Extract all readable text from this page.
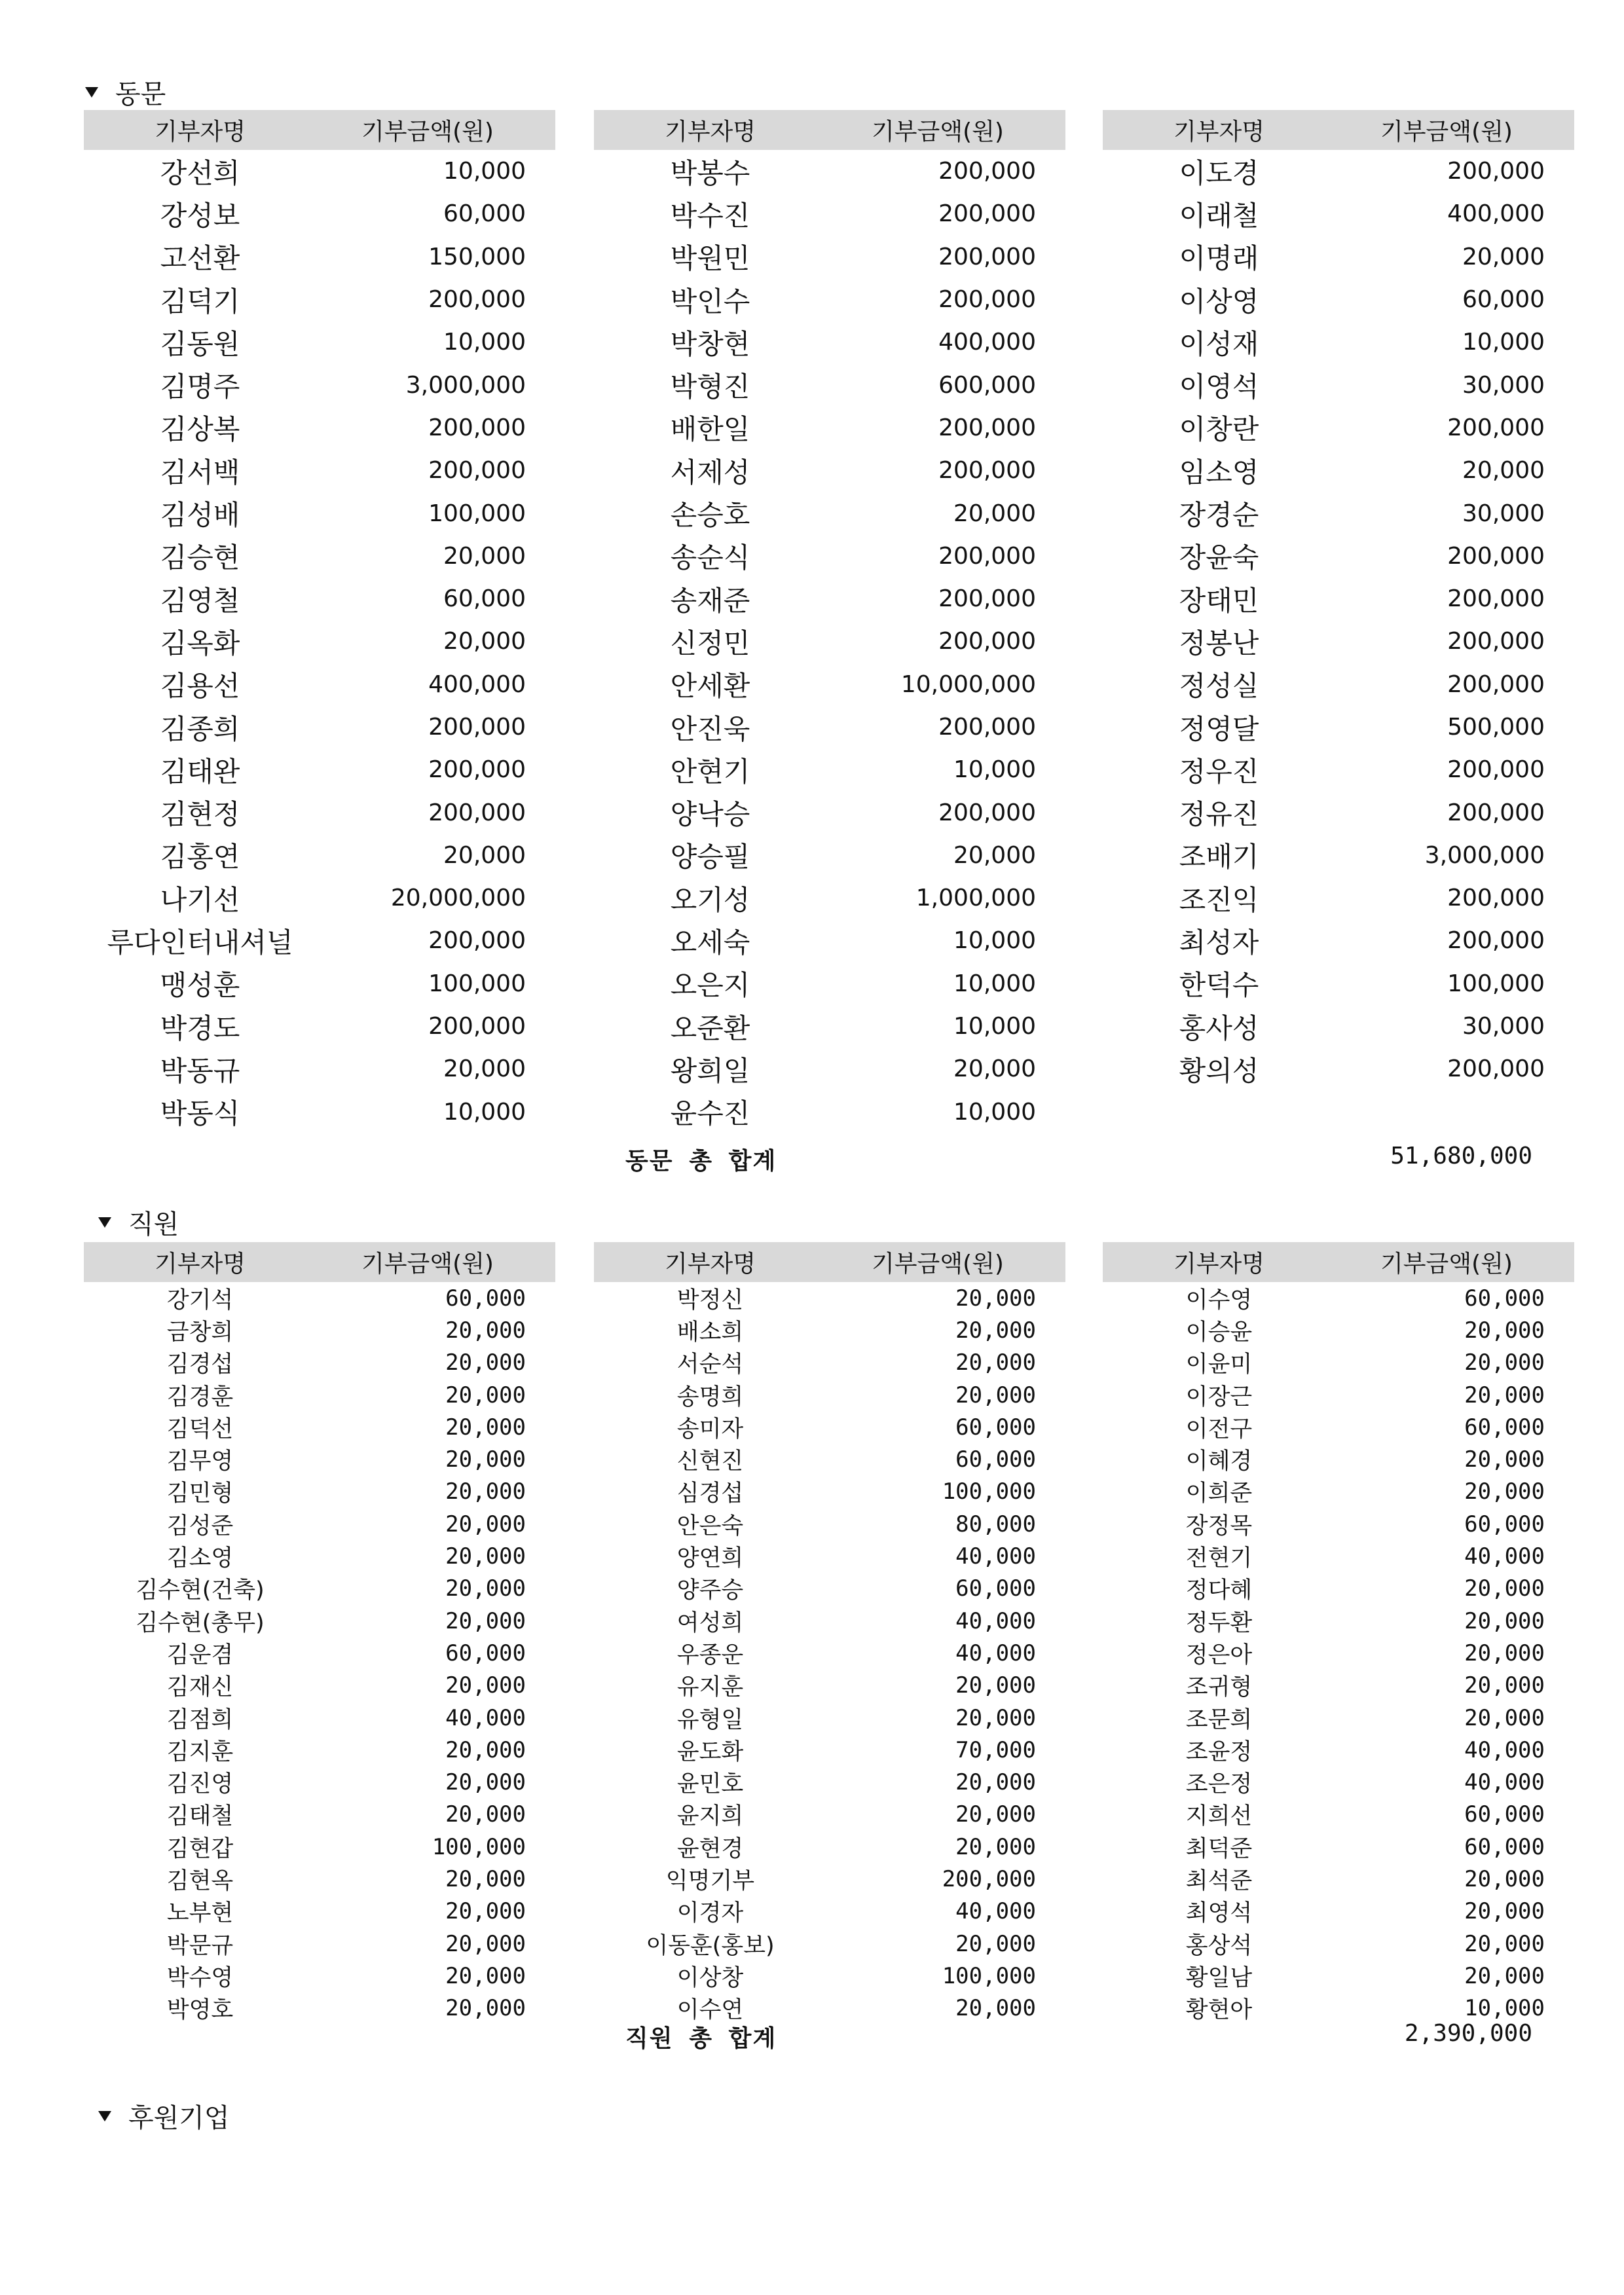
동문
기부자명	기부금액(원)
강선희	10,000
강성보	60,000
고선환	150,000
김덕기	200,000
김동원	10,000
김명주	3,000,000
김상복	200,000
김서백	200,000
김성배	100,000
김승현	20,000
김영철	60,000
김옥화	20,000
김용선	400,000
김종희	200,000
김태완	200,000
김현정	200,000
김홍연	20,000
나기선	20,000,000
루다인터내셔널	200,000
맹성훈	100,000
박경도	200,000
박동규	20,000
박동식	10,000
기부자명	기부금액(원)
박봉수	200,000
박수진	200,000
박원민	200,000
박인수	200,000
박창현	400,000
박형진	600,000
배한일	200,000
서제성	200,000
손승호	20,000
송순식	200,000
송재준	200,000
신정민	200,000
안세환	10,000,000
안진욱	200,000
안현기	10,000
양낙승	200,000
양승필	20,000
오기성	1,000,000
오세숙	10,000
오은지	10,000
오준환	10,000
왕희일	20,000
윤수진	10,000
기부자명	기부금액(원)
이도경	200,000
이래철	400,000
이명래	20,000
이상영	60,000
이성재	10,000
이영석	30,000
이창란	200,000
임소영	20,000
장경순	30,000
장윤숙	200,000
장태민	200,000
정봉난	200,000
정성실	200,000
정영달	500,000
정우진	200,000
정유진	200,000
조배기	3,000,000
조진익	200,000
최성자	200,000
한덕수	100,000
홍사성	30,000
황의성	200,000
동문 총 합계	51,680,000
직원
기부자명	기부금액(원)
강기석	60,000
금창희	20,000
김경섭	20,000
김경훈	20,000
김덕선	20,000
김무영	20,000
김민형	20,000
김성준	20,000
김소영	20,000
김수현(건축)	20,000
김수현(총무)	20,000
김운겸	60,000
김재신	20,000
김점희	40,000
김지훈	20,000
김진영	20,000
김태철	20,000
김현갑	100,000
김현옥	20,000
노부현	20,000
박문규	20,000
박수영	20,000
박영호	20,000
기부자명	기부금액(원)
박정신	20,000
배소희	20,000
서순석	20,000
송명희	20,000
송미자	60,000
신현진	60,000
심경섭	100,000
안은숙	80,000
양연희	40,000
양주승	60,000
여성희	40,000
우종운	40,000
유지훈	20,000
유형일	20,000
윤도화	70,000
윤민호	20,000
윤지희	20,000
윤현경	20,000
익명기부	200,000
이경자	40,000
이동훈(홍보)	20,000
이상창	100,000
이수연	20,000
기부자명	기부금액(원)
이수영	60,000
이승윤	20,000
이윤미	20,000
이장근	20,000
이전구	60,000
이혜경	20,000
이희준	20,000
장정목	60,000
전현기	40,000
정다혜	20,000
정두환	20,000
정은아	20,000
조귀형	20,000
조문희	20,000
조윤정	40,000
조은정	40,000
지희선	60,000
최덕준	60,000
최석준	20,000
최영석	20,000
홍상석	20,000
황일남	20,000
황현아	10,000
직원 총 합계	2,390,000
후원기업
